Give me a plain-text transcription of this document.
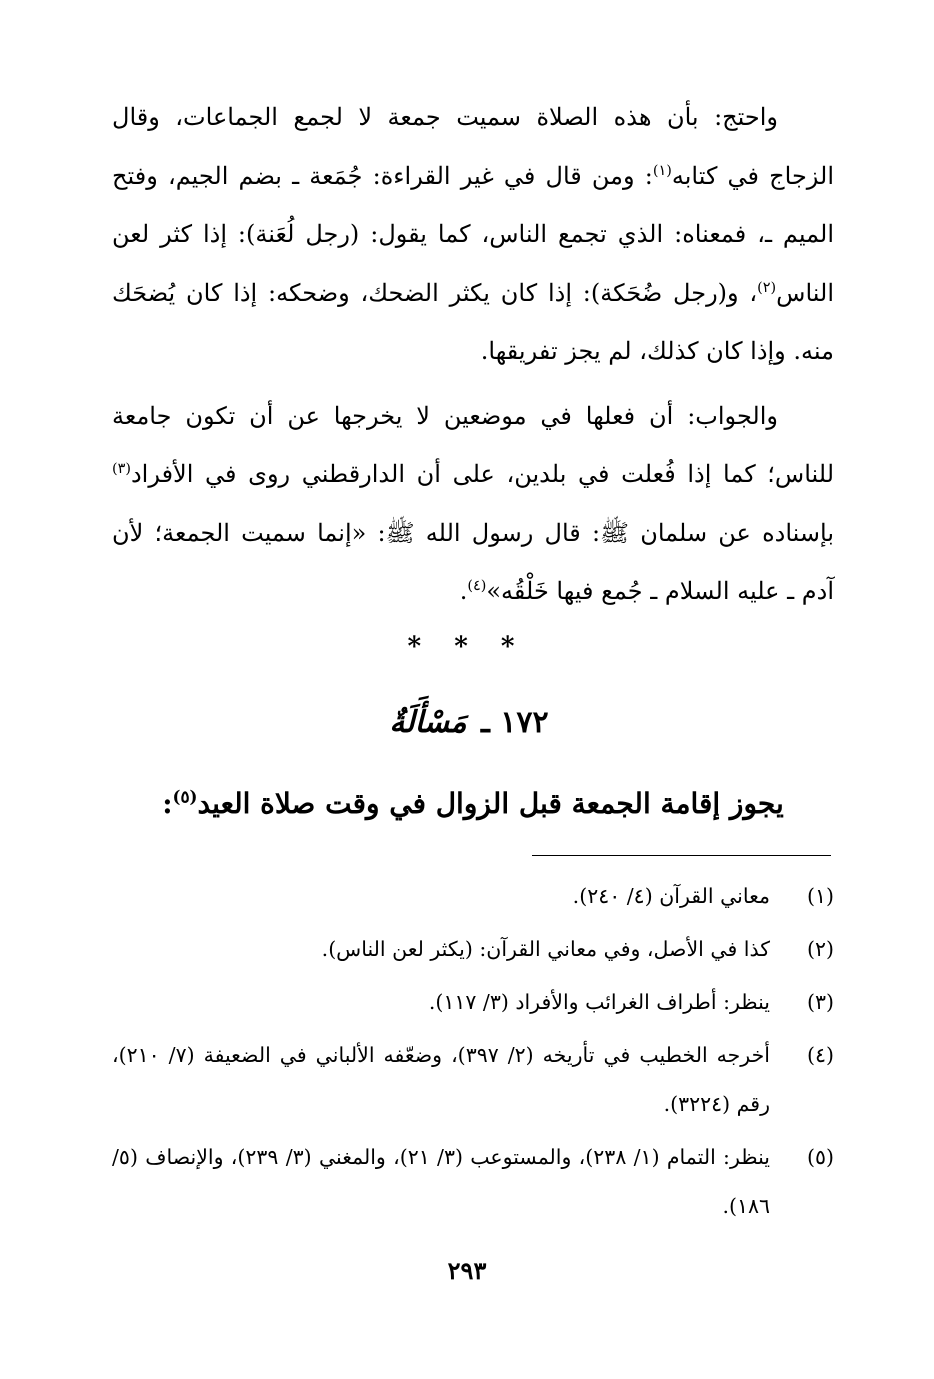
واحتج: بأن هذه الصلاة سميت جمعة لا لجمع الجماعات، وقال الزجاج في كتابه$^{(١)}$: ومن قال في غير القراءة: جُمَعة ـ بضم الجيم، وفتح الميم ـ، فمعناه: الذي تجمع الناس، كما يقول: (رجل لُعَنة): إذا كثر لعن الناس$^{(٢)}$، و(رجل ضُحَكة): إذا كان يكثر الضحك، وضحكه: إذا كان يُضحَك منه. وإذا كان كذلك، لم يجز تفريقها.

والجواب: أن فعلها في موضعين لا يخرجها عن أن تكون جامعة للناس؛ كما إذا فُعلت في بلدين، على أن الدارقطني روى في الأفراد$^{(٣)}$ بإسناده عن سلمان ﷺ: قال رسول الله ﷺ: «إنما سميت الجمعة؛ لأن آدم ـ عليه السلام ـ جُمع فيها خَلْقُه»$^{(٤)}$.

* * *
١٧٢ ـ مَسْأَلَةٌ
يجوز إقامة الجمعة قبل الزوال في وقت صلاة العيد$^{(٥)}$:
(١)
معاني القرآن (٤/ ٢٤٠).
(٢)
كذا في الأصل، وفي معاني القرآن: (يكثر لعن الناس).
(٣)
ينظر: أطراف الغرائب والأفراد (٣/ ١١٧).
(٤)
أخرجه الخطيب في تأريخه (٢/ ٣٩٧)، وضعّفه الألباني في الضعيفة (٧/ ٢١٠)، رقم (٣٢٢٤).
(٥)
ينظر: التمام (١/ ٢٣٨)، والمستوعب (٣/ ٢١)، والمغني (٣/ ٢٣٩)، والإنصاف (٥/ ١٨٦).
٢٩٣
